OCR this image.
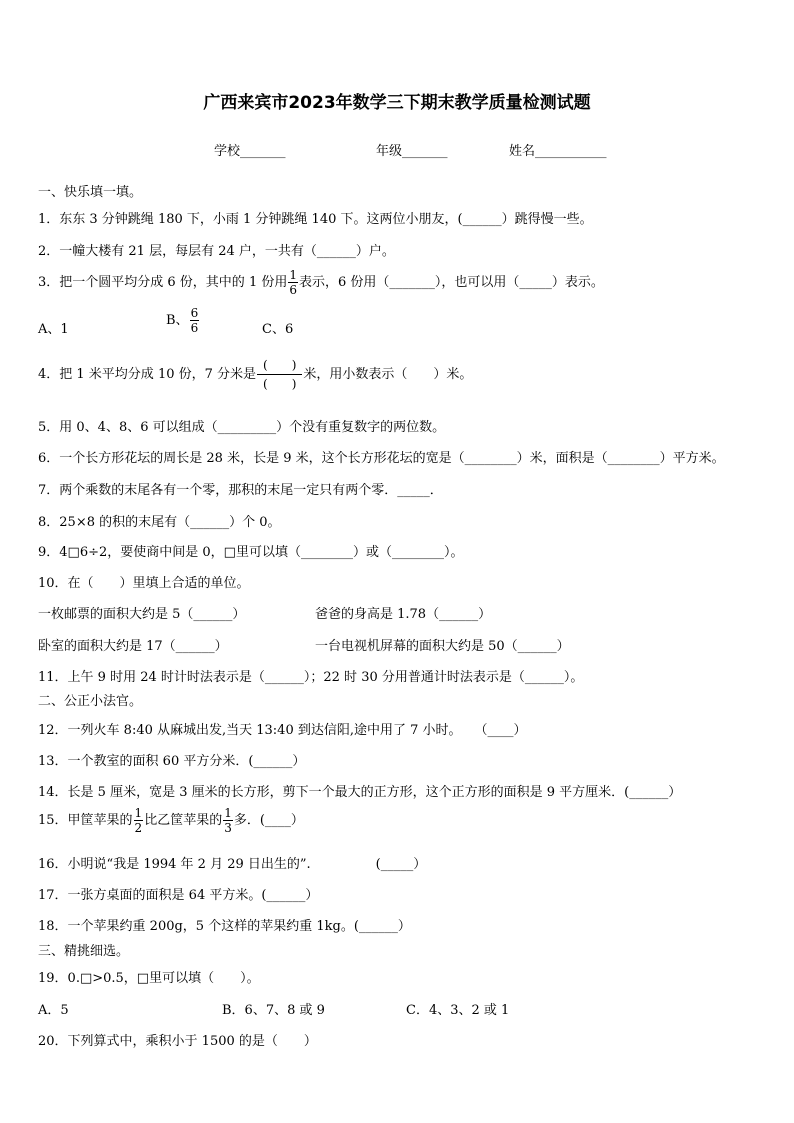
广西来宾市2023年数学三下期末教学质量检测试题
学校_______	年级_______	姓名___________
一、快乐填一填。
1．东东 3 分钟跳绳 180 下，小雨 1 分钟跳绳 140 下。这两位小朋友，(______）跳得慢一些。
2．一幢大楼有 21 层，每层有 24 户，一共有（______）户。
3．把一个圆平均分成 6 份，其中的 1 份用 $\frac{1}{6}$ 表示，6 份用（_______），也可以用（_____）表示。
A、1
B、 $\frac{6}{6}$	C、6
4．把 1 米平均分成 10 份，7 分米是 $\frac{( )}{( )}$ 米，用小数表示（　　）米。
5．用 0、4、8、6 可以组成（_________）个没有重复数字的两位数。
6．一个长方形花坛的周长是 28 米，长是 9 米，这个长方形花坛的宽是（________）米，面积是（________）平方米。
7．两个乘数的末尾各有一个零，那积的末尾一定只有两个零．_____．
8．25×8 的积的末尾有（______）个 0。
9．4□6÷2，要使商中间是 0，□里可以填（________）或（________）。
10．在（　　）里填上合适的单位。
一枚邮票的面积大约是 5（______）	爸爸的身高是 1.78（______）
卧室的面积大约是 17（______）	一台电视机屏幕的面积大约是 50（______）
11．上午 9 时用 24 时计时法表示是（______）；22 时 30 分用普通计时法表示是（______）。
二、公正小法官。
12．一列火车 8:40 从麻城出发,当天 13:40 到达信阳,途中用了 7 小时。　　（____）
13．一个教室的面积 60 平方分米．(______）
14．长是 5 厘米，宽是 3 厘米的长方形，剪下一个最大的正方形，这个正方形的面积是 9 平方厘米．(______）
15．甲筐苹果的 $\frac{1}{2}$ 比乙筐苹果的 $\frac{1}{3}$ 多．(____）
16．小明说“我是 1994 年 2 月 29 日出生的”.　　　　　(_____）
17．一张方桌面的面积是 64 平方米。(______）
18．一个苹果约重 200g，5 个这样的苹果约重 1kg。(______）
三、精挑细选。
19．0.□>0.5，□里可以填（　　）。
A．5	B．6、7、8 或 9	C．4、3、2 或 1
20．下列算式中，乘积小于 1500 的是（　　）
